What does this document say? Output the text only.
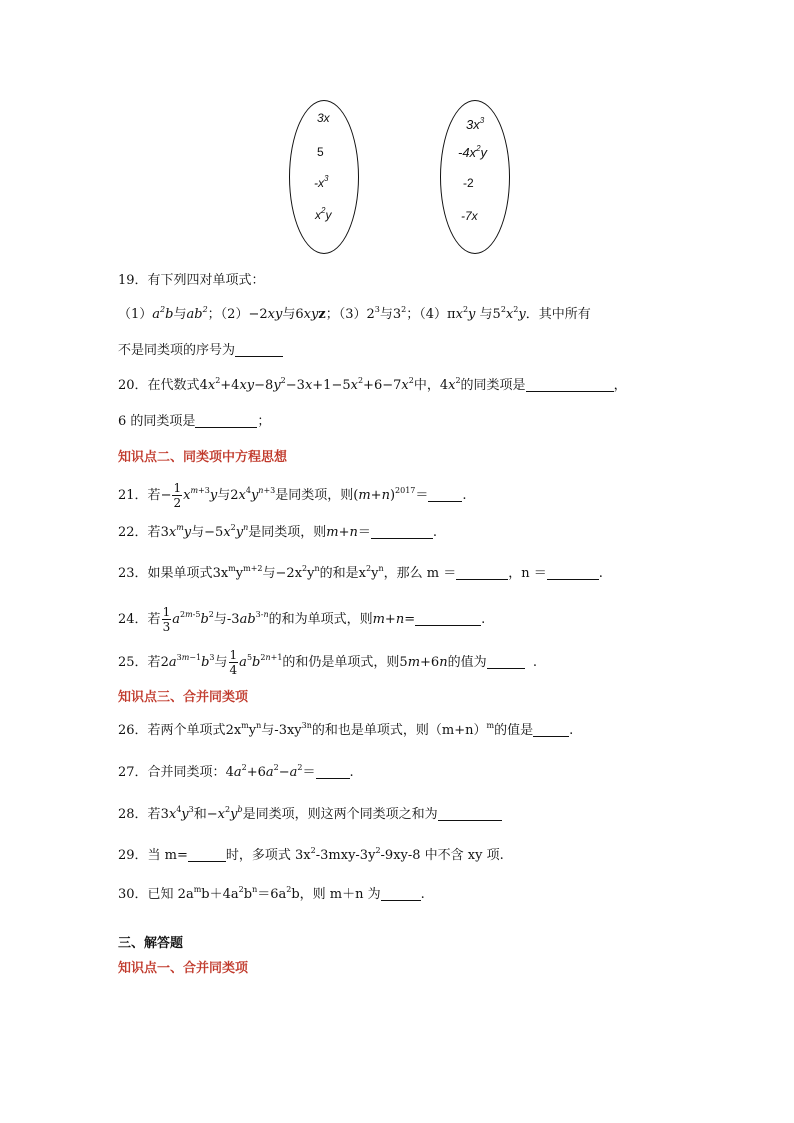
3x
5
$-x^3$
$x^2y$
$3x^3$
$-4x^2y$
-2
-7x
19．有下列四对单项式：
$(1)a^2b$与$ab^2$；（2）−2xy与6xyz；$(3)2^3$与$3^2$；$(4)\pi x^2y$ 与$5^2x^2y$．其中所有
不是同类项的序号为
20．在代数式$4x^2+4xy-8y^2-3x+1-5x^2+6-7x^2$中，$4x^2$的同类项是	，
6 的同类项是	；
知识点二、同类项中方程思想
21．若− $\frac{1}{2} x^{m+3}y$与$2x^4y^{n+3}$是同类项，则$(m+n)^{2017}=$	.
22．若$3x^my$与$-5x^2y^n$是同类项，则m+n＝	.
23．如果单项式$3x^my^{m+2}$与$-2x^2y^n$的和是$x^2y^n$，那么 m ＝	，n ＝	.
24．若 $\frac{1}{3} a^{2m-5}b^2$与$-3ab^{3-n}$的和为单项式，则m+n=	.
25．若$2a^{3m-1}b^3$与 $\frac{1}{4} a^5b^{2n+1}$的和仍是单项式，则5m+6n的值为	.
知识点三、合并同类项
26．若两个单项式$2x^my^n$与$-3xy^{3n}$的和也是单项式，则$(m+n)^m$的值是	.
27．合并同类项：$4a^2+6a^2-a^2=$	.
28．若$3x^4y^3$和$-x^2y^b$是同类项，则这两个同类项之和为
29．当 m=	时，多项式 $3x^2-3mxy-3y^2-9xy-8$ 中不含 xy 项.
30．已知 $2a^mb+4a^2b^n=6a^2b$，则 m＋n 为	.
三、解答题
知识点一、合并同类项
